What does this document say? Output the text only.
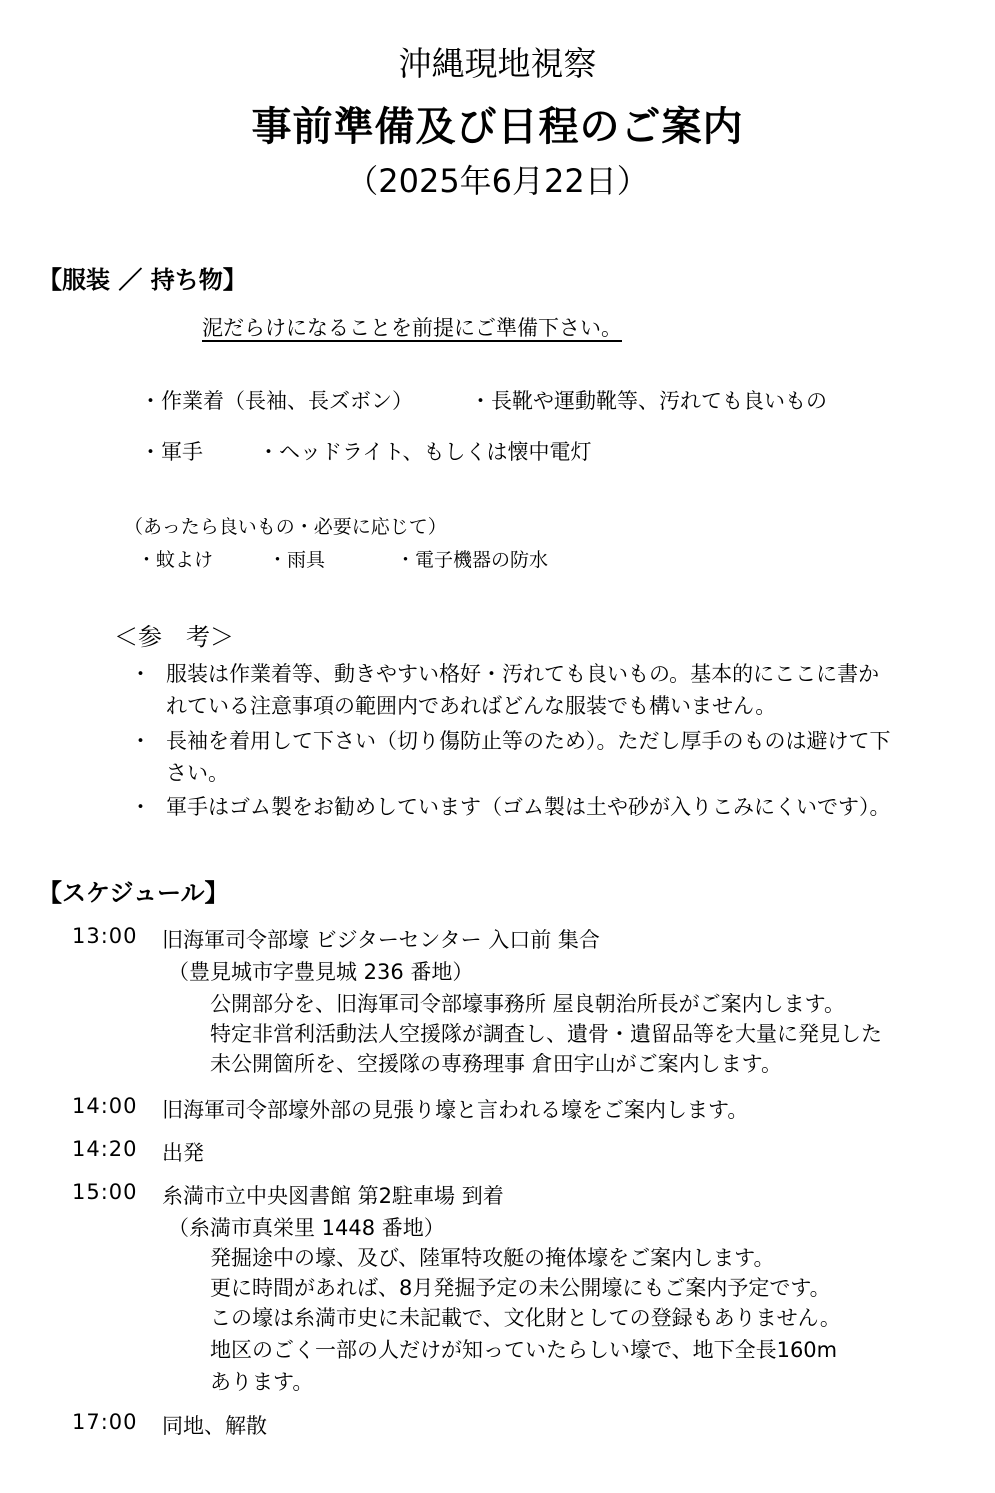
沖縄現地視察
事前準備及び日程のご案内
（2025年6月22日）
【服装 ／ 持ち物】
泥だらけになることを前提にご準備下さい。
・作業着（長袖、長ズボン）	・長靴や運動靴等、汚れても良いもの
・軍手	・ヘッドライト、もしくは懐中電灯
（あったら良いもの・必要に応じて）
・蚊よけ	・雨具	・電子機器の防水
＜参　考＞
・ 服装は作業着等、動きやすい格好・汚れても良いもの。基本的にここに書か
れている注意事項の範囲内であればどんな服装でも構いません。
・ 長袖を着用して下さい（切り傷防止等のため）。ただし厚手のものは避けて下
さい。
・ 軍手はゴム製をお勧めしています（ゴム製は土や砂が入りこみにくいです）。
【スケジュール】
13:00 旧海軍司令部壕 ビジターセンター 入口前 集合
（豊見城市字豊見城 236 番地）
公開部分を、旧海軍司令部壕事務所 屋良朝治所長がご案内します。
特定非営利活動法人空援隊が調査し、遺骨・遺留品等を大量に発見した
未公開箇所を、空援隊の専務理事 倉田宇山がご案内します。
14:00 旧海軍司令部壕外部の見張り壕と言われる壕をご案内します。
14:20 出発
15:00 糸満市立中央図書館 第2駐車場 到着
（糸満市真栄里 1448 番地）
発掘途中の壕、及び、陸軍特攻艇の掩体壕をご案内します。
更に時間があれば、8月発掘予定の未公開壕にもご案内予定です。
この壕は糸満市史に未記載で、文化財としての登録もありません。
地区のごく一部の人だけが知っていたらしい壕で、地下全長160m
あります。
17:00 同地、解散
